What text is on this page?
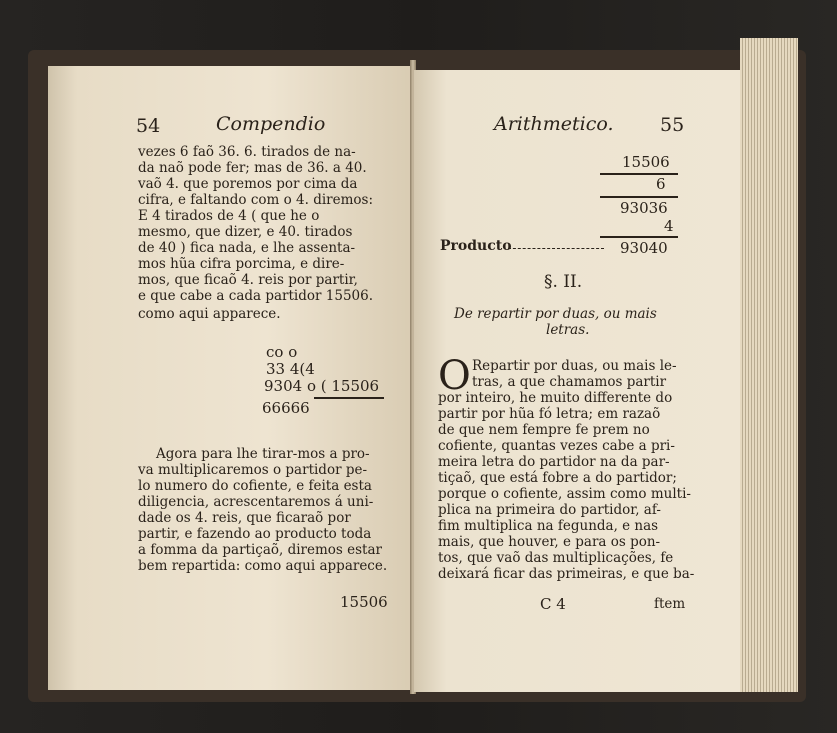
54	Compendio
vezes 6 faõ 36. 6. tirados de na-
da naõ pode fer; mas de 36. a 40.
vaõ 4. que poremos por cima da
cifra, e faltando com o 4. diremos:
E 4 tirados de 4 ( que he o
mesmo, que dizer, e 40. tirados
de 40 ) fica nada, e lhe assenta-
mos hũa cifra porcima, e dire-
mos, que ficaõ 4. reis por partir,
e que cabe a cada partidor 15506.
como aqui apparece.
co o
33 4(4
9304 o ( 15506
66666
Agora para lhe tirar-mos a pro-
va multiplicaremos o partidor pe-
lo numero do cofiente, e feita esta
diligencia, acrescentaremos á uni-
dade os 4. reis, que ficaraõ por
partir, e fazendo ao producto toda
a fomma da partiçaõ, diremos estar
bem repartida: como aqui apparece.
15506
Arithmetico. 55
15506
6
93036
4
Producto	93040
§. II.
De repartir por duas, ou mais
letras.
O Repartir por duas, ou mais le-
tras, a que chamamos partir
por inteiro, he muito differente do
partir por hũa fó letra; em razaõ
de que nem fempre fe prem no
cofiente, quantas vezes cabe a pri-
meira letra do partidor na da par-
tiçaõ, que está fobre a do partidor;
porque o cofiente, assim como multi-
plica na primeira do partidor, af-
fim multiplica na fegunda, e nas
mais, que houver, e para os pon-
tos, que vaõ das multiplicações, fe
deixará ficar das primeiras, e que ba-
C 4	ftem
